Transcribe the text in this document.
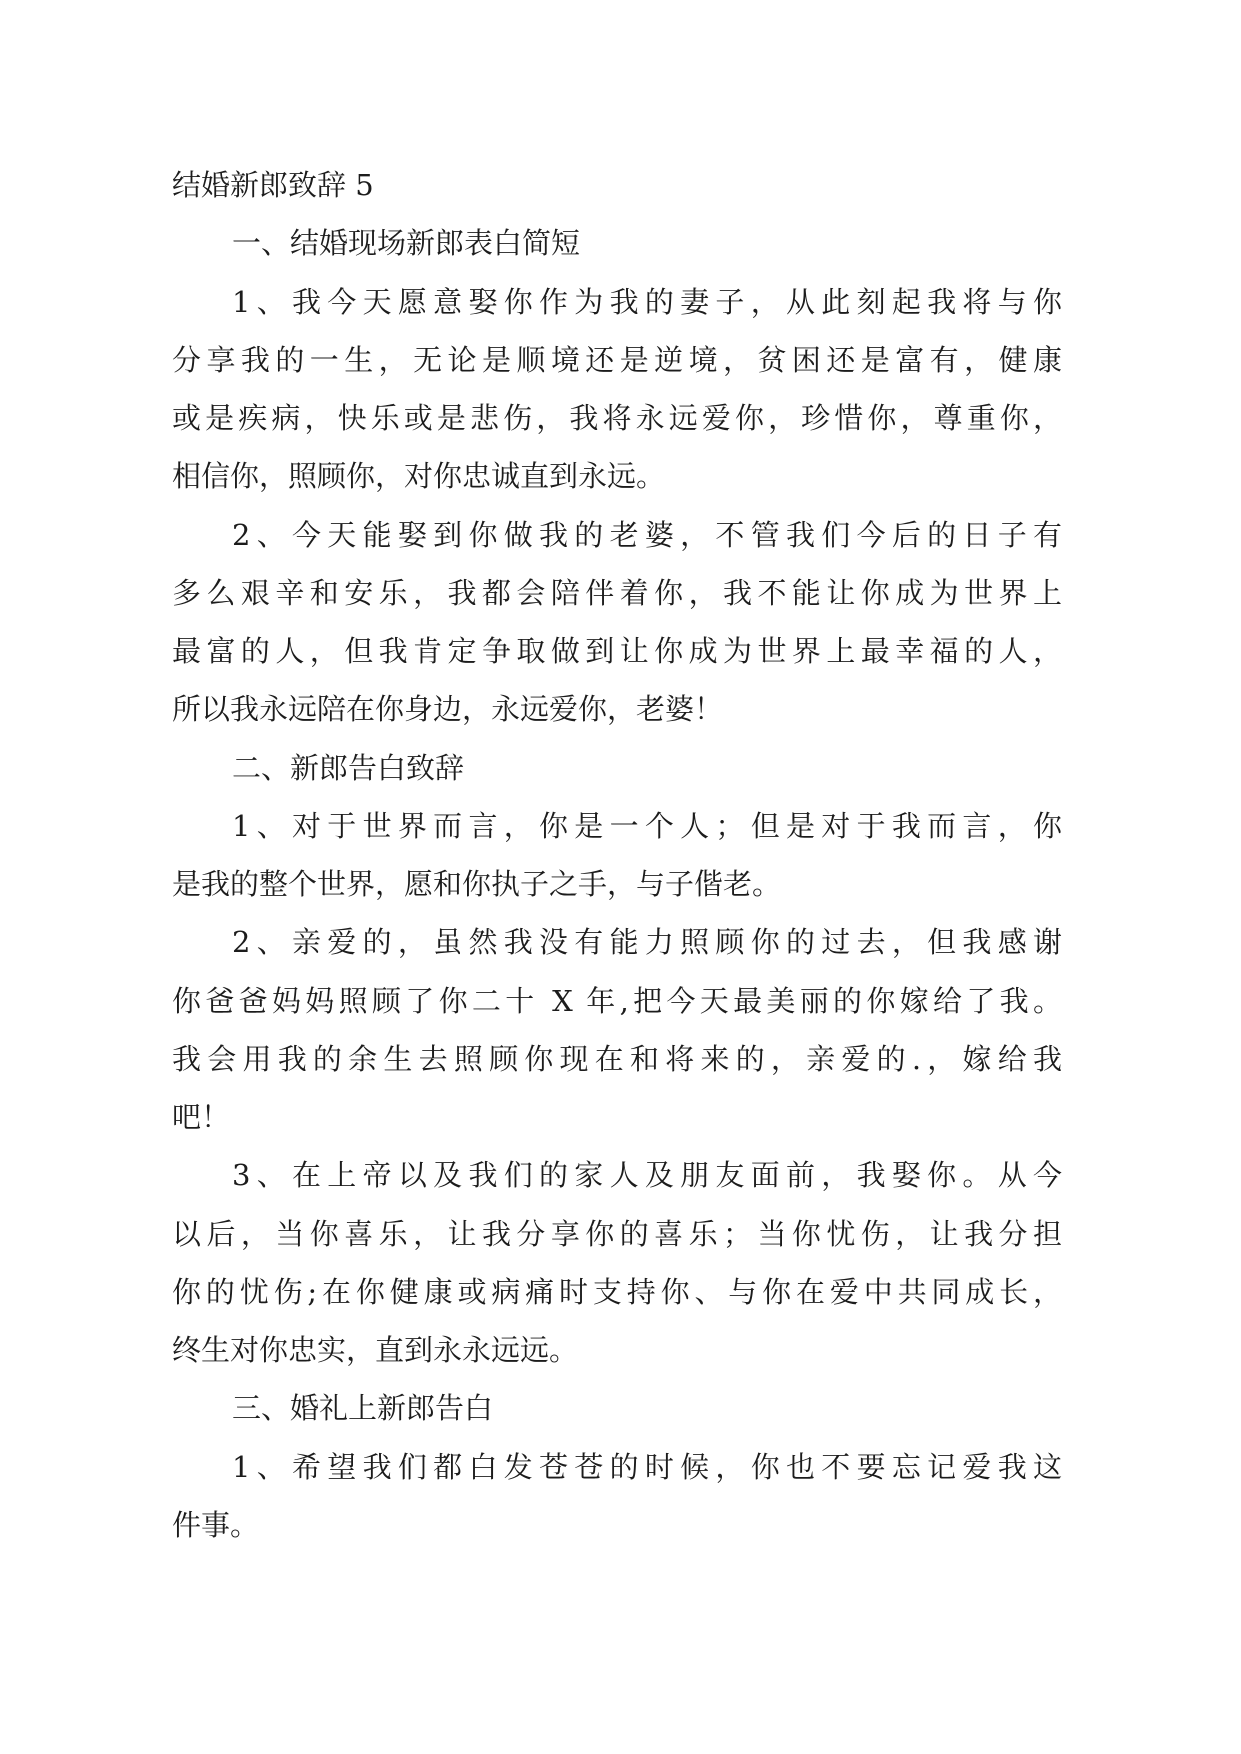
结婚新郎致辞 5
一、结婚现场新郎表白简短
1、我今天愿意娶你作为我的妻子，从此刻起我将与你
分享我的一生，无论是顺境还是逆境，贫困还是富有，健康
或是疾病，快乐或是悲伤，我将永远爱你，珍惜你，尊重你，
相信你，照顾你，对你忠诚直到永远。
2、今天能娶到你做我的老婆，不管我们今后的日子有
多么艰辛和安乐，我都会陪伴着你，我不能让你成为世界上
最富的人，但我肯定争取做到让你成为世界上最幸福的人，
所以我永远陪在你身边，永远爱你，老婆！
二、新郎告白致辞
1、对于世界而言，你是一个人；但是对于我而言，你
是我的整个世界，愿和你执子之手，与子偕老。
2、亲爱的，虽然我没有能力照顾你的过去，但我感谢
你爸爸妈妈照顾了你二十 X 年,把今天最美丽的你嫁给了我。
我会用我的余生去照顾你现在和将来的，亲爱的.，嫁给我
吧！
3、在上帝以及我们的家人及朋友面前，我娶你。从今
以后，当你喜乐，让我分享你的喜乐；当你忧伤，让我分担
你的忧伤;在你健康或病痛时支持你、与你在爱中共同成长，
终生对你忠实，直到永永远远。
三、婚礼上新郎告白
1、希望我们都白发苍苍的时候，你也不要忘记爱我这
件事。
